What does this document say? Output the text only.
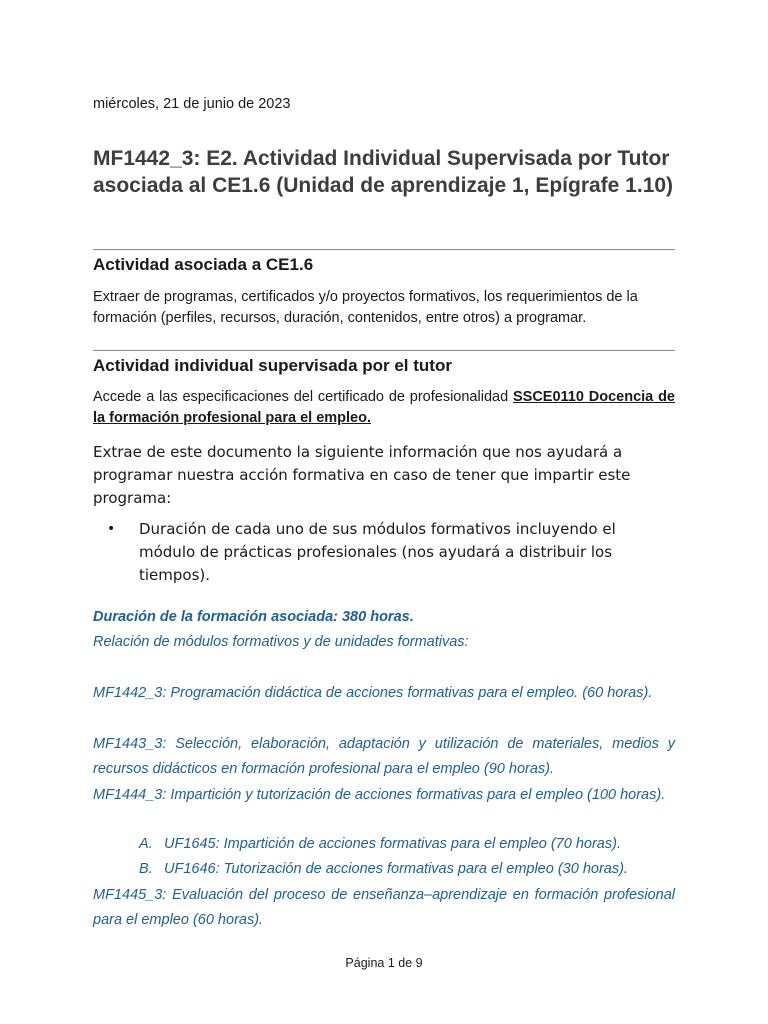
miércoles, 21 de junio de 2023
MF1442_3: E2. Actividad Individual Supervisada por Tutor asociada al CE1.6 (Unidad de aprendizaje 1, Epígrafe 1.10)
Actividad asociada a CE1.6

Extraer de programas, certificados y/o proyectos formativos, los requerimientos de la formación (perfiles, recursos, duración, contenidos, entre otros) a programar.

Actividad individual supervisada por el tutor

Accede a las especificaciones del certificado de profesionalidad SSCE0110 Docencia de la formación profesional para el empleo.

Extrae de este documento la siguiente información que nos ayudará a programar nuestra acción formativa en caso de tener que impartir este programa:

• Duración de cada uno de sus módulos formativos incluyendo el módulo de prácticas profesionales (nos ayudará a distribuir los tiempos).

Duración de la formación asociada: 380 horas.

Relación de módulos formativos y de unidades formativas:

MF1442_3: Programación didáctica de acciones formativas para el empleo. (60 horas).

MF1443_3: Selección, elaboración, adaptación y utilización de materiales, medios y recursos didácticos en formación profesional para el empleo (90 horas).

MF1444_3: Impartición y tutorización de acciones formativas para el empleo (100 horas).

A. UF1645: Impartición de acciones formativas para el empleo (70 horas).
B. UF1646: Tutorización de acciones formativas para el empleo (30 horas).

MF1445_3: Evaluación del proceso de enseñanza–aprendizaje en formación profesional para el empleo (60 horas).

Página 1 de 9
